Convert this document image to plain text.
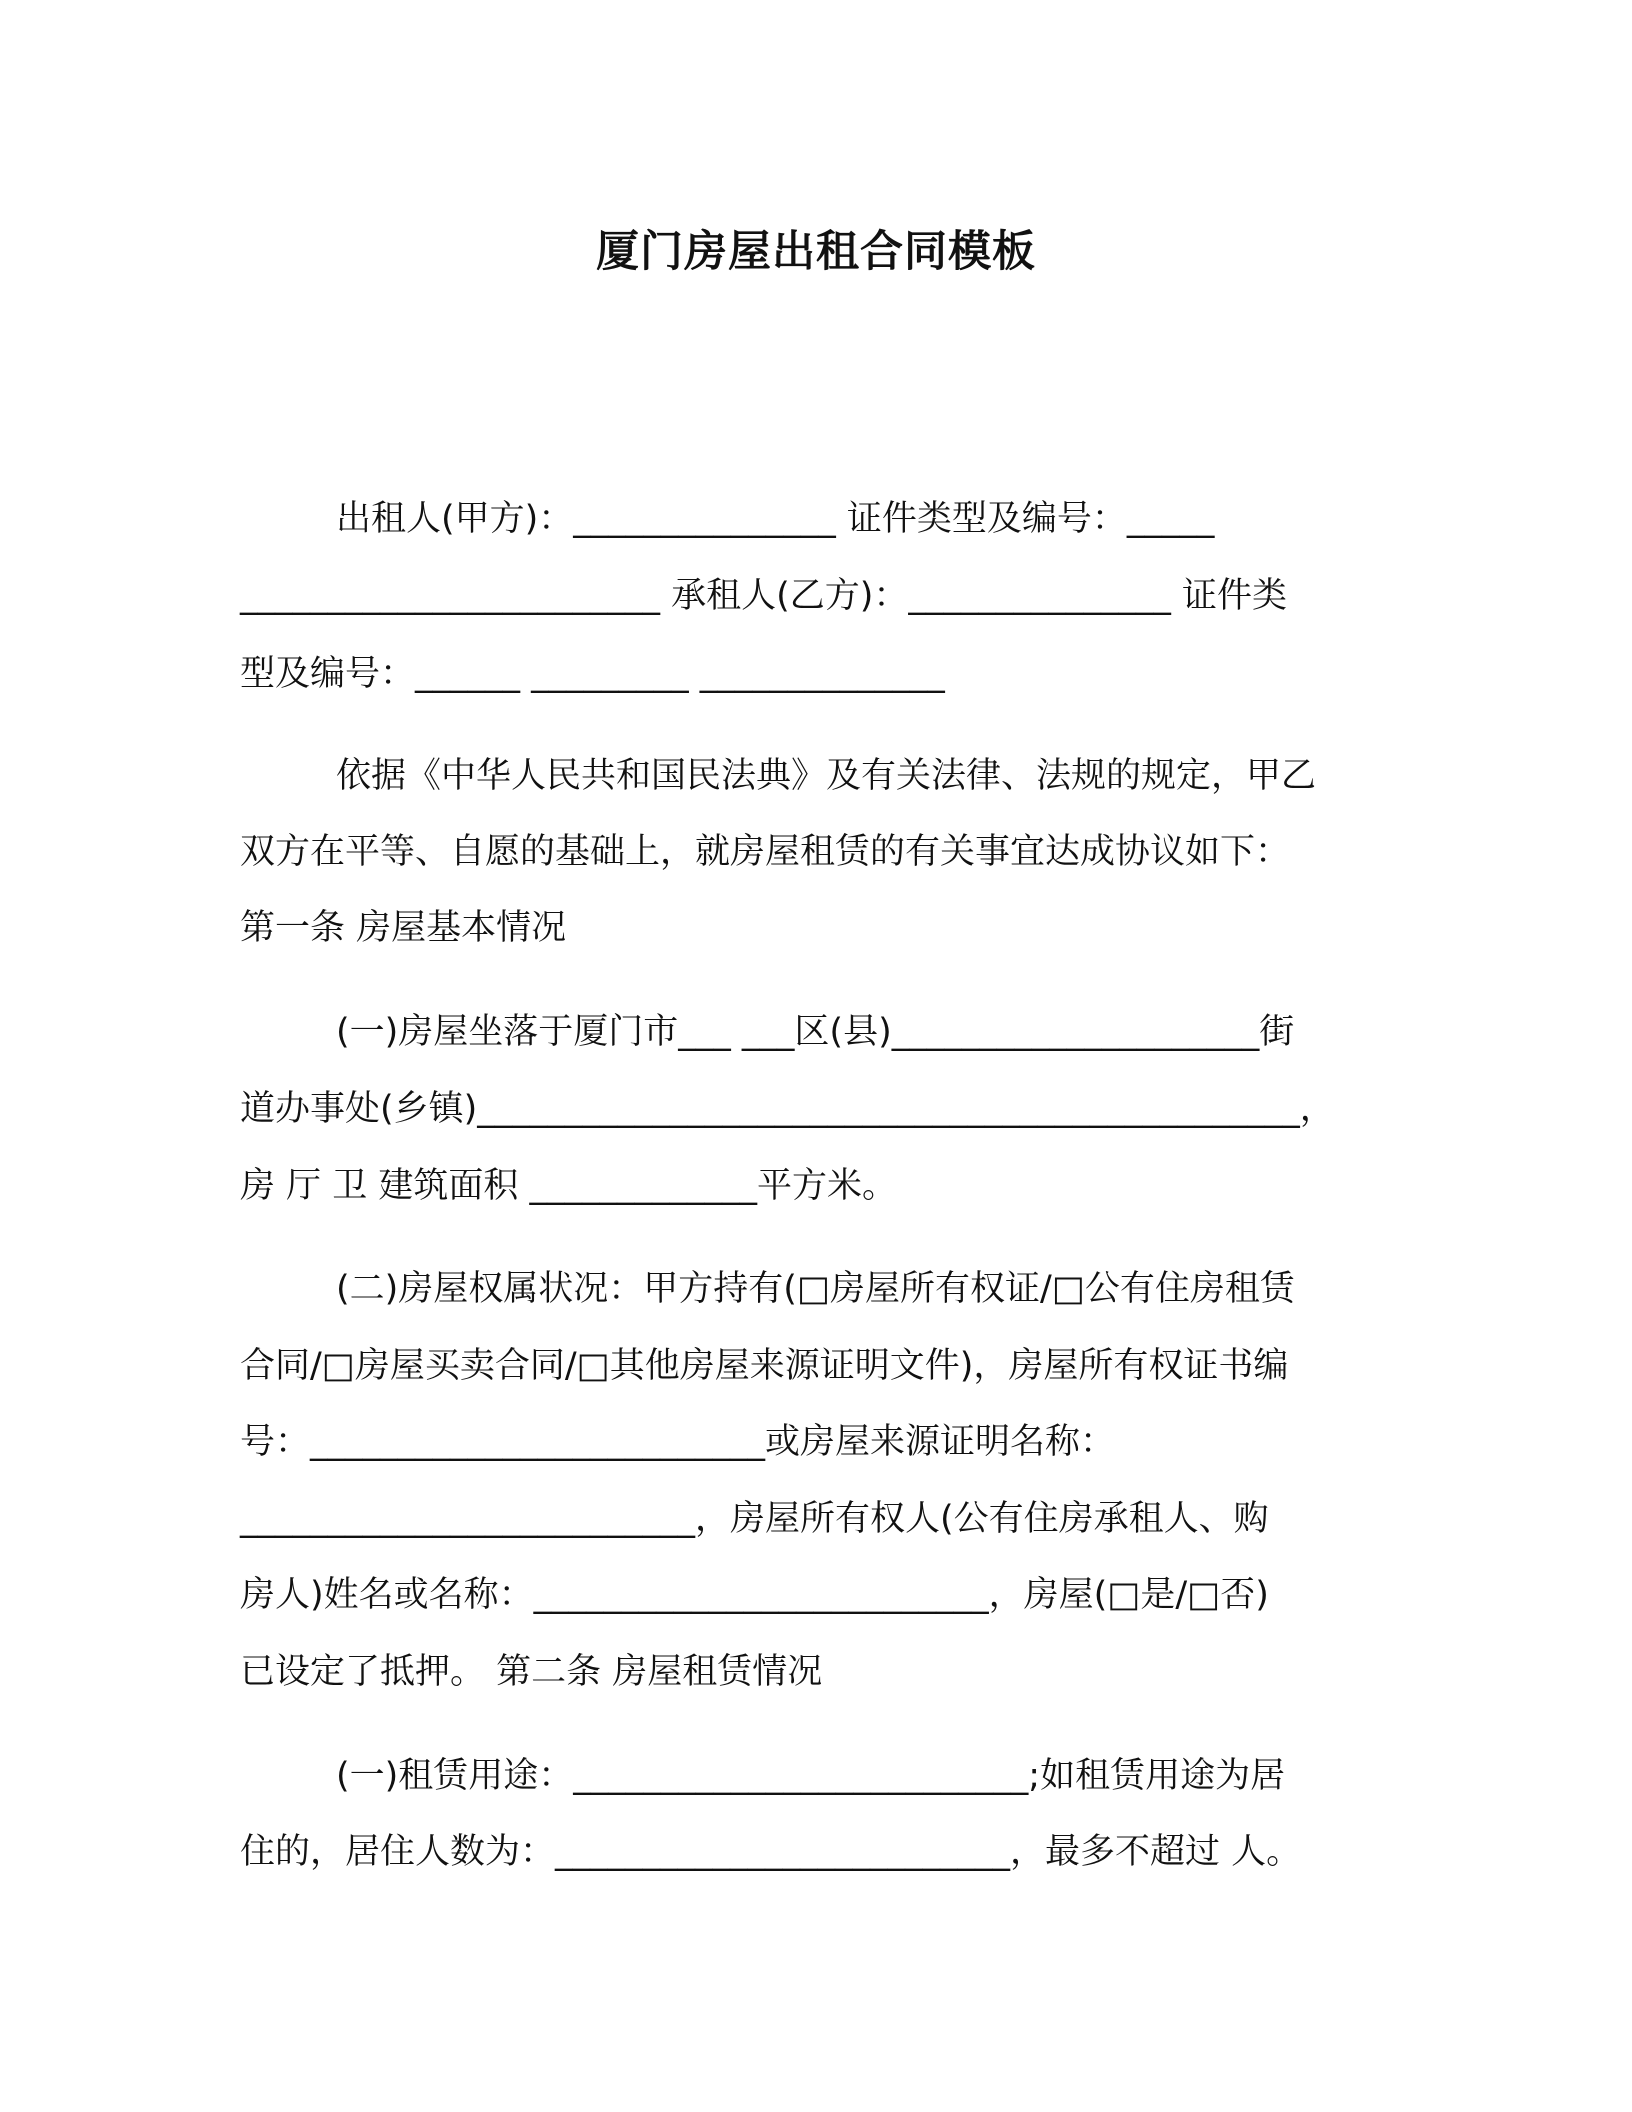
厦门房屋出租合同模板
出租人(甲方)：_______________ 证件类型及编号：_____
________________________ 承租人(乙方)：_______________ 证件类
型及编号：______ _________ ______________
依据《中华人民共和国民法典》及有关法律、法规的规定，甲乙
双方在平等、自愿的基础上，就房屋租赁的有关事宜达成协议如下：
第一条 房屋基本情况
(一)房屋坐落于厦门市___ ___区(县)_____________________街
道办事处(乡镇)_______________________________________________，
房 厅 卫 建筑面积 _____________平方米。
(二)房屋权属状况：甲方持有(□房屋所有权证/□公有住房租赁
合同/□房屋买卖合同/□其他房屋来源证明文件)，房屋所有权证书编
号：__________________________或房屋来源证明名称：
__________________________，房屋所有权人(公有住房承租人、购
房人)姓名或名称：__________________________，房屋(□是/□否)
已设定了抵押。 第二条 房屋租赁情况
(一)租赁用途：__________________________;如租赁用途为居
住的，居住人数为：__________________________，最多不超过 人。
